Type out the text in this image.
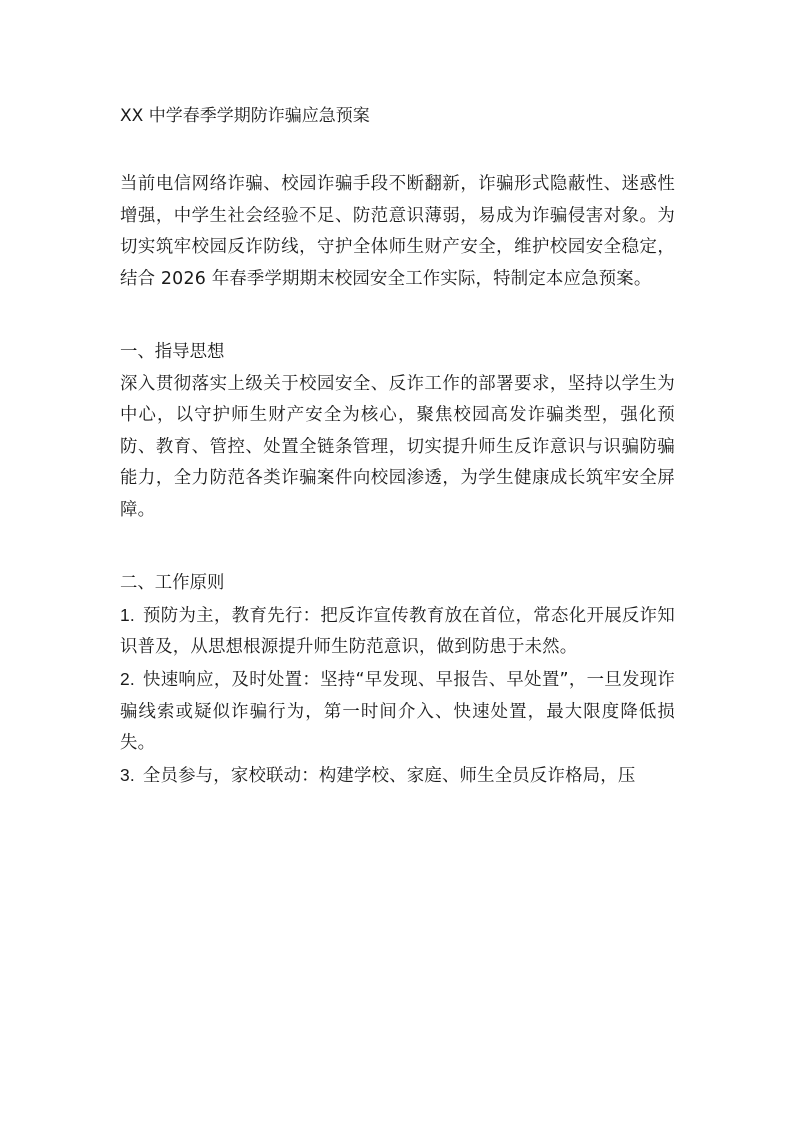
XX 中学春季学期防诈骗应急预案

当前电信网络诈骗、校园诈骗手段不断翻新，诈骗形式隐蔽性、迷惑性增强，中学生社会经验不足、防范意识薄弱，易成为诈骗侵害对象。为切实筑牢校园反诈防线，守护全体师生财产安全，维护校园安全稳定，结合 2026 年春季学期期末校园安全工作实际，特制定本应急预案。

一、指导思想

深入贯彻落实上级关于校园安全、反诈工作的部署要求，坚持以学生为中心，以守护师生财产安全为核心，聚焦校园高发诈骗类型，强化预防、教育、管控、处置全链条管理，切实提升师生反诈意识与识骗防骗能力，全力防范各类诈骗案件向校园渗透，为学生健康成长筑牢安全屏障。

二、工作原则

1. 预防为主，教育先行：把反诈宣传教育放在首位，常态化开展反诈知识普及，从思想根源提升师生防范意识，做到防患于未然。

2. 快速响应，及时处置：坚持“早发现、早报告、早处置”，一旦发现诈骗线索或疑似诈骗行为，第一时间介入、快速处置，最大限度降低损失。

3. 全员参与，家校联动：构建学校、家庭、师生全员反诈格局，压
